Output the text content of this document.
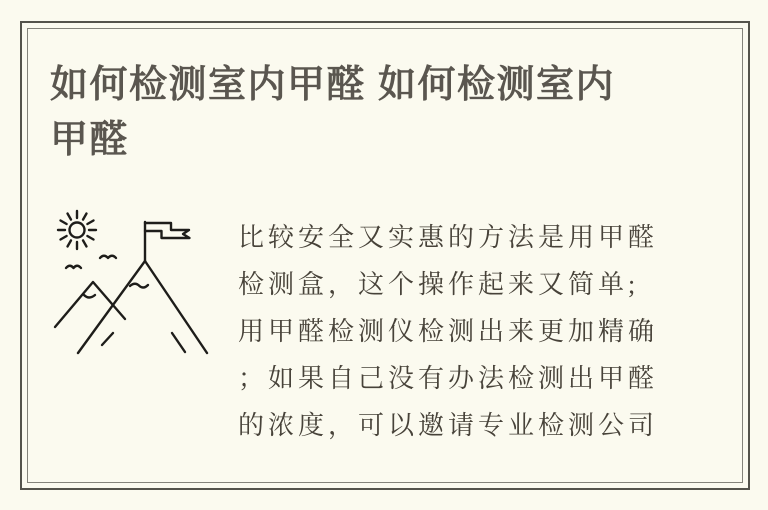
如何检测室内甲醛 如何检测室内
甲醛
比较安全又实惠的方法是用甲醛
检测盒，这个操作起来又简单;
用甲醛检测仪检测出来更加精确
；如果自己没有办法检测出甲醛
的浓度，可以邀请专业检测公司
